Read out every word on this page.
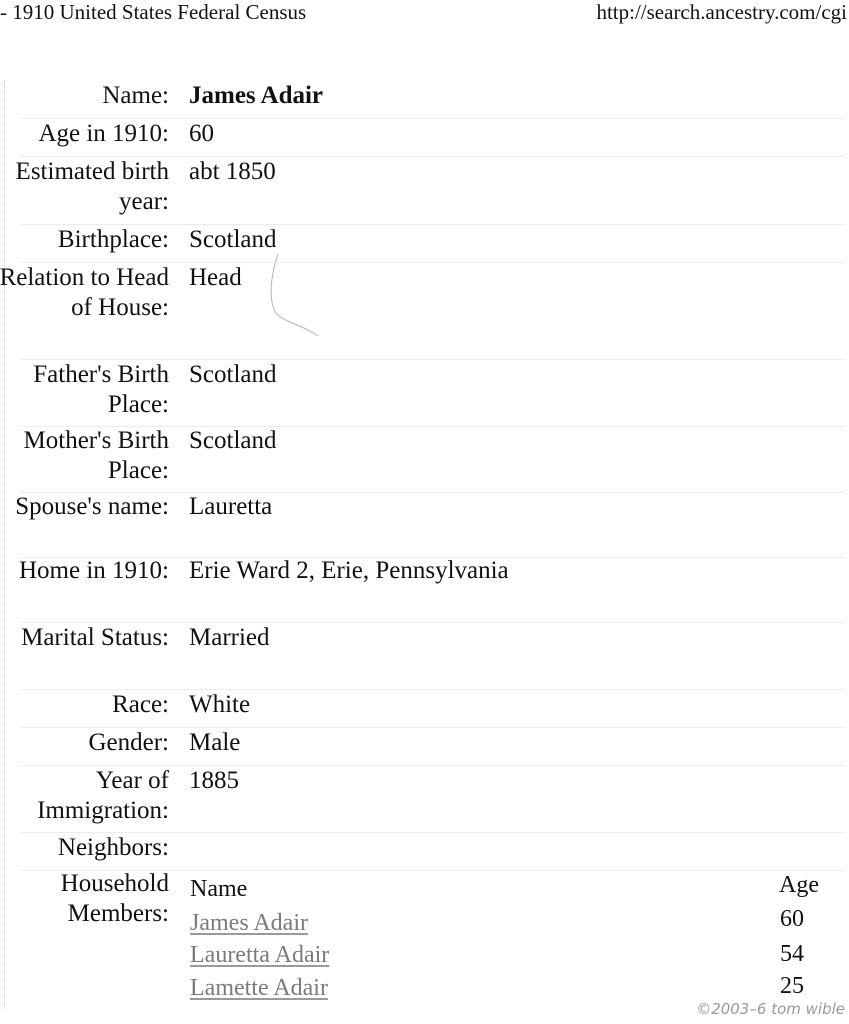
- 1910 United States Federal Census	http://search.ancestry.com/cgi
Name: James Adair
Age in 1910: 60
Estimated birth year:
abt 1850
Birthplace: Scotland
Relation to Head of House:
Head
Father's Birth Place:
Scotland
Mother's Birth Place:
Scotland
Spouse's name: Lauretta
Home in 1910: Erie Ward 2, Erie, Pennsylvania
Marital Status: Married
Race: White
Gender: Male
Year of Immigration:
1885
Neighbors:
Household Members:
Name	Age
James Adair	60
Lauretta Adair	54
Lamette Adair	25
©2003–6 tom wible
